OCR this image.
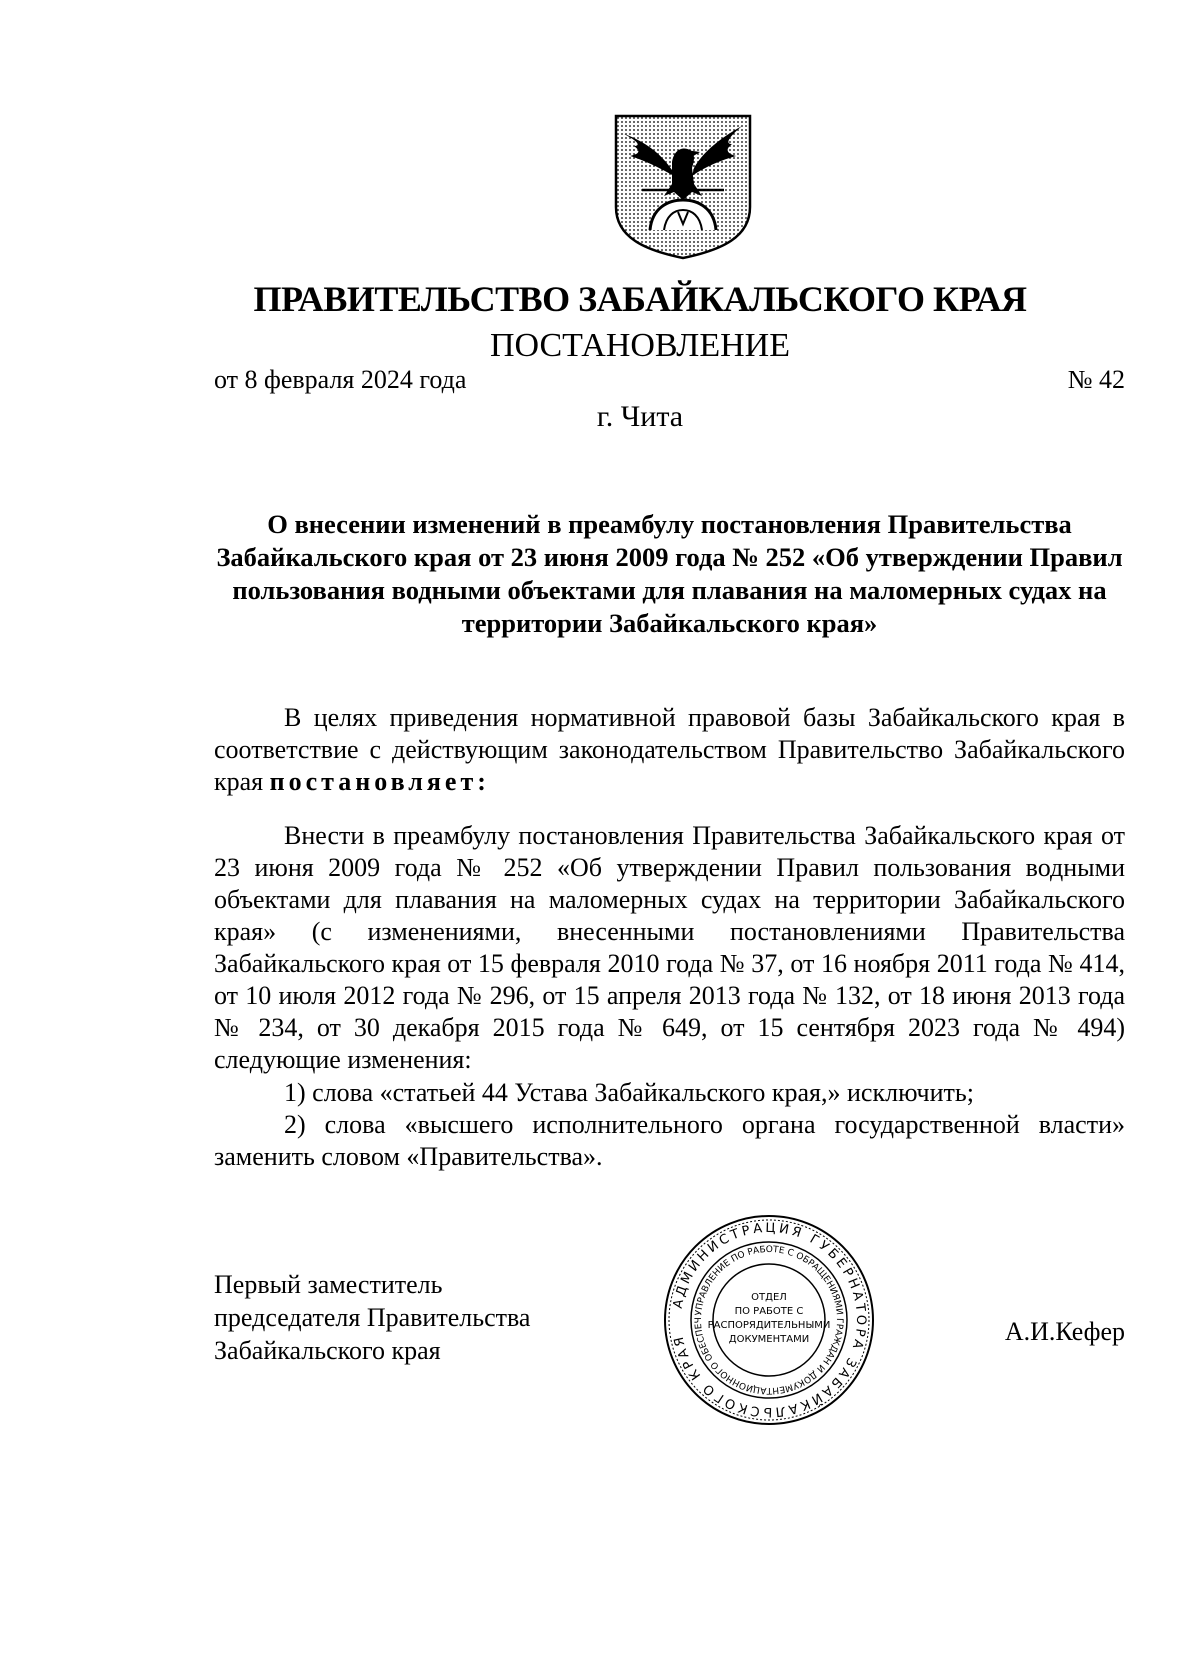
ПРАВИТЕЛЬСТВО ЗАБАЙКАЛЬСКОГО КРАЯ
ПОСТАНОВЛЕНИЕ
от 8 февраля 2024 года	№ 42
г. Чита
О внесении изменений в преамбулу постановления Правительства Забайкальского края от 23 июня 2009 года № 252 «Об утверждении Правил пользования водными объектами для плавания на маломерных судах на территории Забайкальского края»
В целях приведения нормативной правовой базы Забайкальского края в соответствие с действующим законодательством Правительство Забайкальского края постановляет:
Внести в преамбулу постановления Правительства Забайкальского края от 23 июня 2009 года № 252 «Об утверждении Правил пользования водными объектами для плавания на маломерных судах на территории Забайкальского края» (с изменениями, внесенными постановлениями Правительства Забайкальского края от 15 февраля 2010 года № 37, от 16 ноября 2011 года № 414, от 10 июля 2012 года № 296, от 15 апреля 2013 года № 132, от 18 июня 2013 года № 234, от 30 декабря 2015 года № 649, от 15 сентября 2023 года № 494) следующие изменения:
1) слова «статьей 44 Устава Забайкальского края,» исключить;
2) слова «высшего исполнительного органа государственной власти» заменить словом «Правительства».
Первый заместитель
председателя Правительства
Забайкальского края
А.И.Кефер
АДМИНИСТРАЦИЯ ГУБЕРНАТОРА ЗАБАЙКАЛЬСКОГО КРАЯ
УПРАВЛЕНИЕ ПО РАБОТЕ С ОБРАЩЕНИЯМИ ГРАЖДАН И ДОКУМЕНТАЦИОННОГО ОБЕСПЕЧ
ОТДЕЛ
ПО РАБОТЕ С
РАСПОРЯДИТЕЛЬНЫМИ
ДОКУМЕНТАМИ
